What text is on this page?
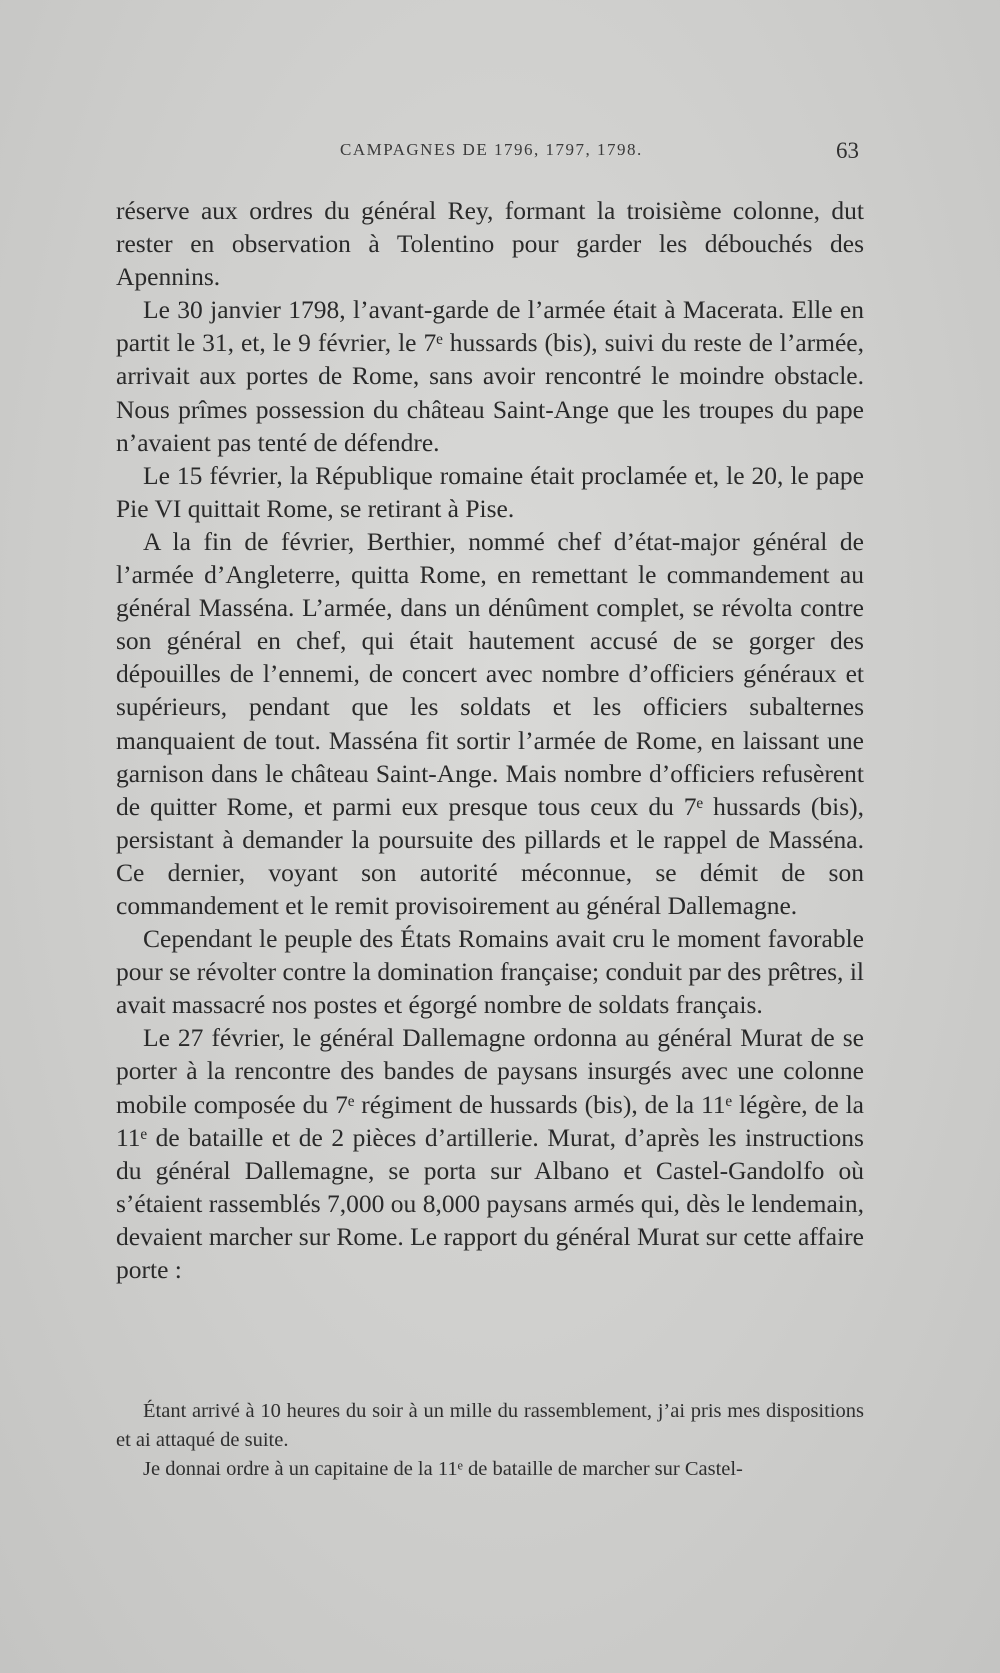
CAMPAGNES DE 1796, 1797, 1798.	63

réserve aux ordres du général Rey, formant la troisième colonne, dut rester en observation à Tolentino pour garder les débouchés des Apennins.

Le 30 janvier 1798, l’avant-garde de l’armée était à Macerata. Elle en partit le 31, et, le 9 février, le 7ᵉ hussards (bis), suivi du reste de l’armée, arrivait aux portes de Rome, sans avoir rencontré le moindre obstacle. Nous prîmes possession du château Saint-Ange que les troupes du pape n’avaient pas tenté de défendre.

Le 15 février, la République romaine était proclamée et, le 20, le pape Pie VI quittait Rome, se retirant à Pise.

A la fin de février, Berthier, nommé chef d’état-major général de l’armée d’Angleterre, quitta Rome, en remettant le commandement au général Masséna. L’armée, dans un dénûment complet, se révolta contre son général en chef, qui était hautement accusé de se gorger des dépouilles de l’ennemi, de concert avec nombre d’officiers généraux et supérieurs, pendant que les soldats et les officiers subalternes manquaient de tout. Masséna fit sortir l’armée de Rome, en laissant une garnison dans le château Saint-Ange. Mais nombre d’officiers refusèrent de quitter Rome, et parmi eux presque tous ceux du 7ᵉ hussards (bis), persistant à demander la poursuite des pillards et le rappel de Masséna. Ce dernier, voyant son autorité méconnue, se démit de son commandement et le remit provisoirement au général Dallemagne.

Cependant le peuple des États Romains avait cru le moment favorable pour se révolter contre la domination française; conduit par des prêtres, il avait massacré nos postes et égorgé nombre de soldats français.

Le 27 février, le général Dallemagne ordonna au général Murat de se porter à la rencontre des bandes de paysans insurgés avec une colonne mobile composée du 7ᵉ régiment de hussards (bis), de la 11ᵉ légère, de la 11ᵉ de bataille et de 2 pièces d’artillerie. Murat, d’après les instructions du général Dallemagne, se porta sur Albano et Castel-Gandolfo où s’étaient rassemblés 7,000 ou 8,000 paysans armés qui, dès le lendemain, devaient marcher sur Rome. Le rapport du général Murat sur cette affaire porte :

Étant arrivé à 10 heures du soir à un mille du rassemblement, j’ai pris mes dispositions et ai attaqué de suite.

Je donnai ordre à un capitaine de la 11ᵉ de bataille de marcher sur Castel-
